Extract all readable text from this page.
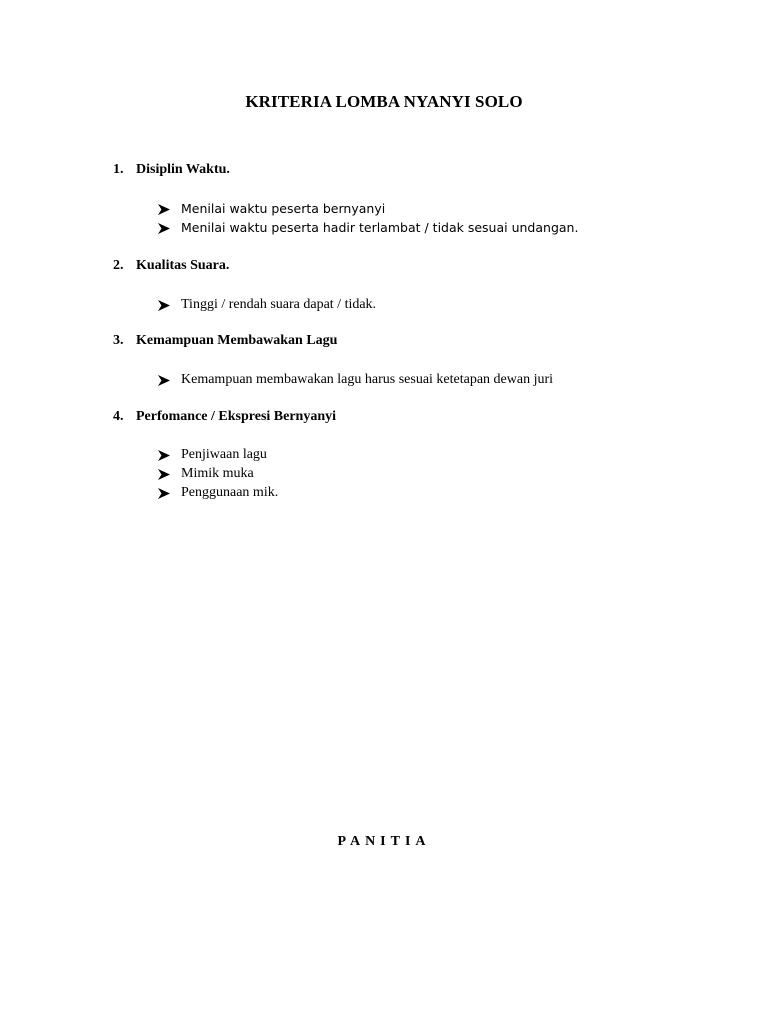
KRITERIA LOMBA NYANYI SOLO
1. Disiplin Waktu.
Menilai waktu peserta bernyanyi
Menilai waktu peserta hadir terlambat / tidak sesuai undangan.
2. Kualitas Suara.
Tinggi / rendah suara dapat / tidak.
3. Kemampuan Membawakan Lagu
Kemampuan membawakan lagu harus sesuai ketetapan dewan juri
4. Perfomance / Ekspresi Bernyanyi
Penjiwaan lagu
Mimik muka
Penggunaan mik.
PANITIA
